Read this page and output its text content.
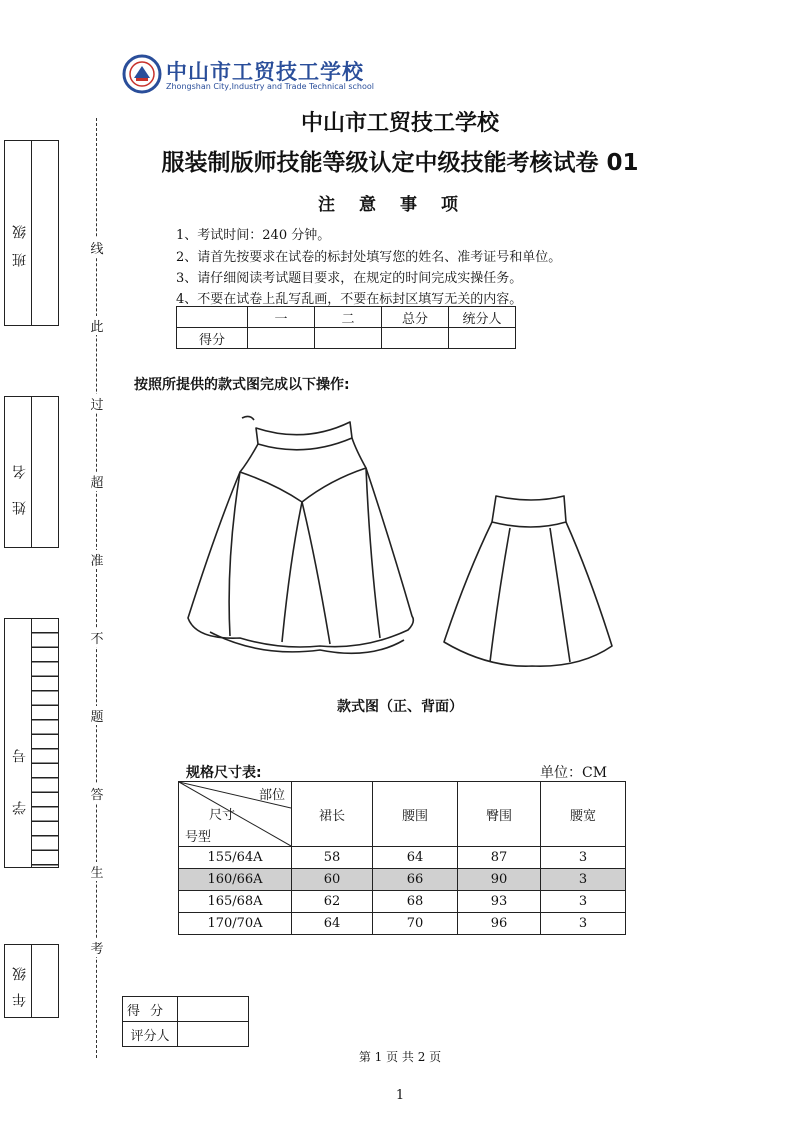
班级
姓名
学号
年级
线
此
过
超
准
不
题
答
生
考
中山市工贸技工学校
Zhongshan City,Industry and Trade Technical school
中山市工贸技工学校
服装制版师技能等级认定中级技能考核试卷 01
注意事项
1、考试时间：240 分钟。
2、请首先按要求在试卷的标封处填写您的姓名、准考证号和单位。
3、请仔细阅读考试题目要求，在规定的时间完成实操任务。
4、不要在试卷上乱写乱画，不要在标封区填写无关的内容。
	一	二	总分	统分人
得分				
按照所提供的款式图完成以下操作:
款式图（正、背面）
规格尺寸表:	单位：CM
部位
尺寸
号型	裙长	腰围	臀围	腰宽
155/64A	58	64	87	3
160/66A	60	66	90	3
165/68A	62	68	93	3
170/70A	64	70	96	3
得分	
评分人	
第 1 页 共 2 页
1
